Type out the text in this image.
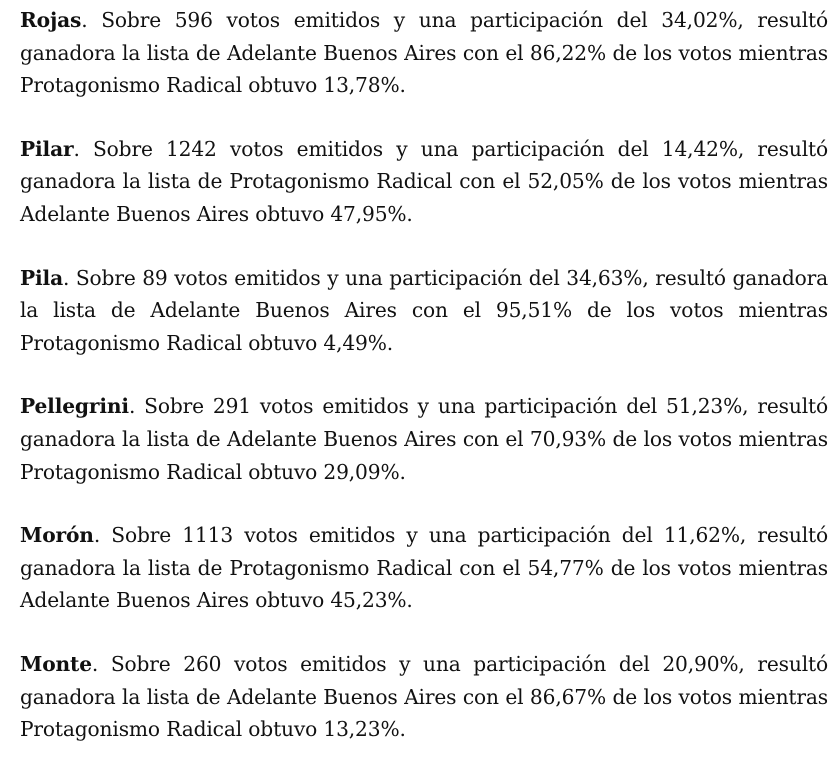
Rojas. Sobre 596 votos emitidos y una participación del 34,02%, resultó ganadora la lista de Adelante Buenos Aires con el 86,22% de los votos mientras Protagonismo Radical obtuvo 13,78%.

Pilar. Sobre 1242 votos emitidos y una participación del 14,42%, resultó ganadora la lista de Protagonismo Radical con el 52,05% de los votos mientras Adelante Buenos Aires obtuvo 47,95%.

Pila. Sobre 89 votos emitidos y una participación del 34,63%, resultó ganadora la lista de Adelante Buenos Aires con el 95,51% de los votos mientras Protagonismo Radical obtuvo 4,49%.

Pellegrini. Sobre 291 votos emitidos y una participación del 51,23%, resultó ganadora la lista de Adelante Buenos Aires con el 70,93% de los votos mientras Protagonismo Radical obtuvo 29,09%.

Morón. Sobre 1113 votos emitidos y una participación del 11,62%, resultó ganadora la lista de Protagonismo Radical con el 54,77% de los votos mientras Adelante Buenos Aires obtuvo 45,23%.

Monte. Sobre 260 votos emitidos y una participación del 20,90%, resultó ganadora la lista de Adelante Buenos Aires con el 86,67% de los votos mientras Protagonismo Radical obtuvo 13,23%.
